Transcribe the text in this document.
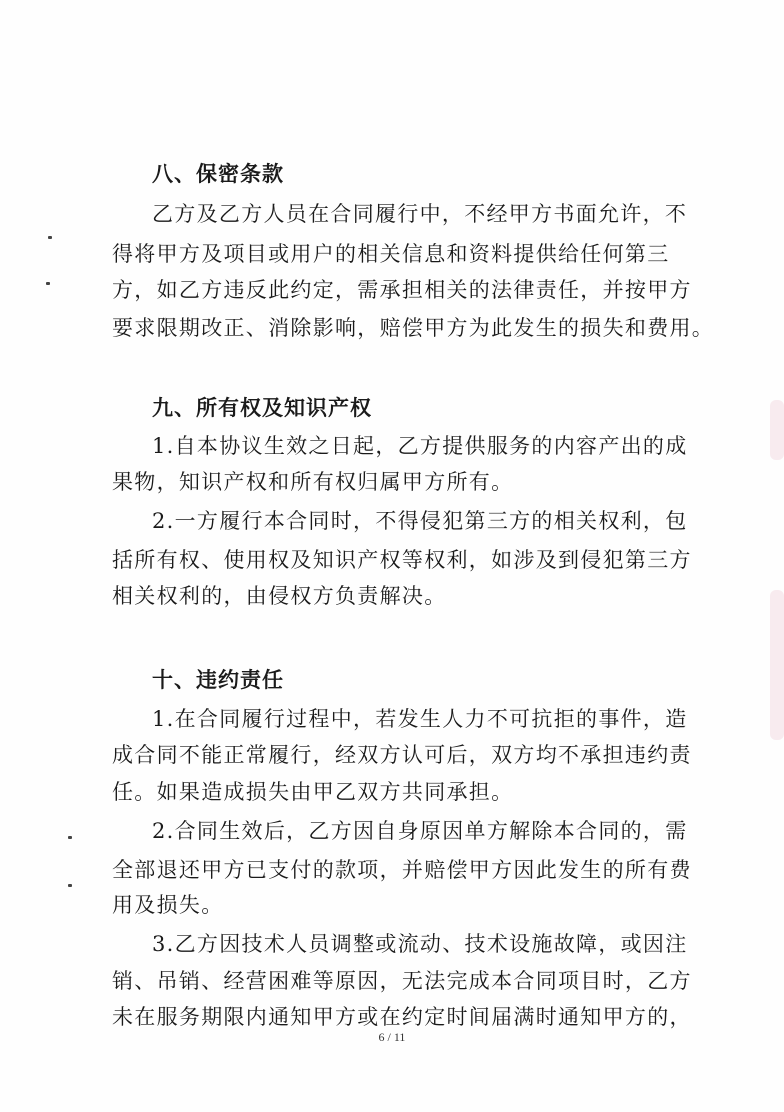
八、保密条款
乙方及乙方人员在合同履行中，不经甲方书面允许，不
得将甲方及项目或用户的相关信息和资料提供给任何第三
方，如乙方违反此约定，需承担相关的法律责任，并按甲方
要求限期改正、消除影响，赔偿甲方为此发生的损失和费用。
九、所有权及知识产权
1.自本协议生效之日起，乙方提供服务的内容产出的成
果物，知识产权和所有权归属甲方所有。
2.一方履行本合同时，不得侵犯第三方的相关权利，包
括所有权、使用权及知识产权等权利，如涉及到侵犯第三方
相关权利的，由侵权方负责解决。
十、违约责任
1.在合同履行过程中，若发生人力不可抗拒的事件，造
成合同不能正常履行，经双方认可后，双方均不承担违约责
任。如果造成损失由甲乙双方共同承担。
2.合同生效后，乙方因自身原因单方解除本合同的，需
全部退还甲方已支付的款项，并赔偿甲方因此发生的所有费
用及损失。
3.乙方因技术人员调整或流动、技术设施故障，或因注
销、吊销、经营困难等原因，无法完成本合同项目时，乙方
未在服务期限内通知甲方或在约定时间届满时通知甲方的，
6 / 11
